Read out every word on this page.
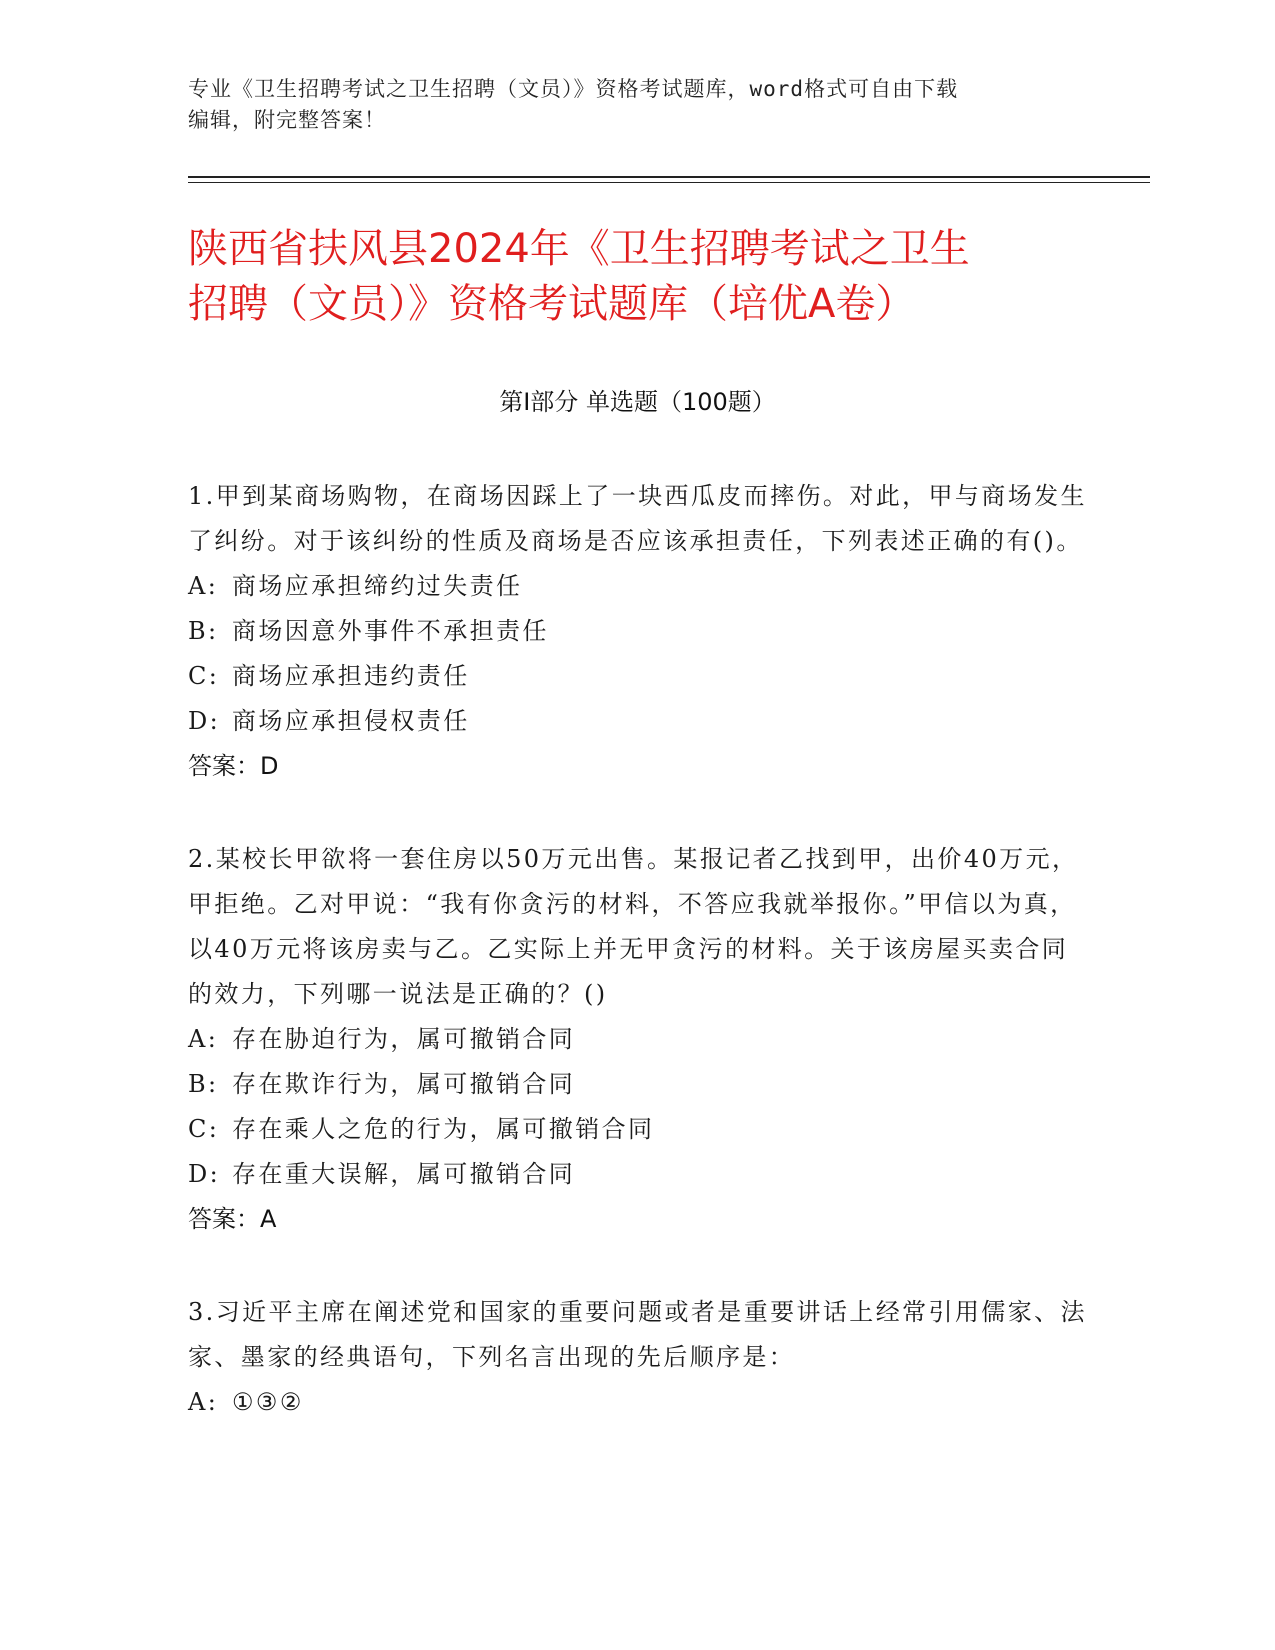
专业《卫生招聘考试之卫生招聘（文员）》资格考试题库，word格式可自由下载
编辑，附完整答案！
陕西省扶风县2024年《卫生招聘考试之卫生
招聘（文员）》资格考试题库（培优A卷）
第Ⅰ部分 单选题（100题）
1.甲到某商场购物，在商场因踩上了一块西瓜皮而摔伤。对此，甲与商场发生了纠纷。对于该纠纷的性质及商场是否应该承担责任，下列表述正确的有()。
A: 商场应承担缔约过失责任
B: 商场因意外事件不承担责任
C: 商场应承担违约责任
D: 商场应承担侵权责任
答案：D
2.某校长甲欲将一套住房以50万元出售。某报记者乙找到甲，出价40万元，甲拒绝。乙对甲说：“我有你贪污的材料，不答应我就举报你。”甲信以为真，以40万元将该房卖与乙。乙实际上并无甲贪污的材料。关于该房屋买卖合同的效力，下列哪一说法是正确的？()
A: 存在胁迫行为，属可撤销合同
B: 存在欺诈行为，属可撤销合同
C: 存在乘人之危的行为，属可撤销合同
D: 存在重大误解，属可撤销合同
答案：A
3.习近平主席在阐述党和国家的重要问题或者是重要讲话上经常引用儒家、法家、墨家的经典语句，下列名言出现的先后顺序是：
A: ①③②
